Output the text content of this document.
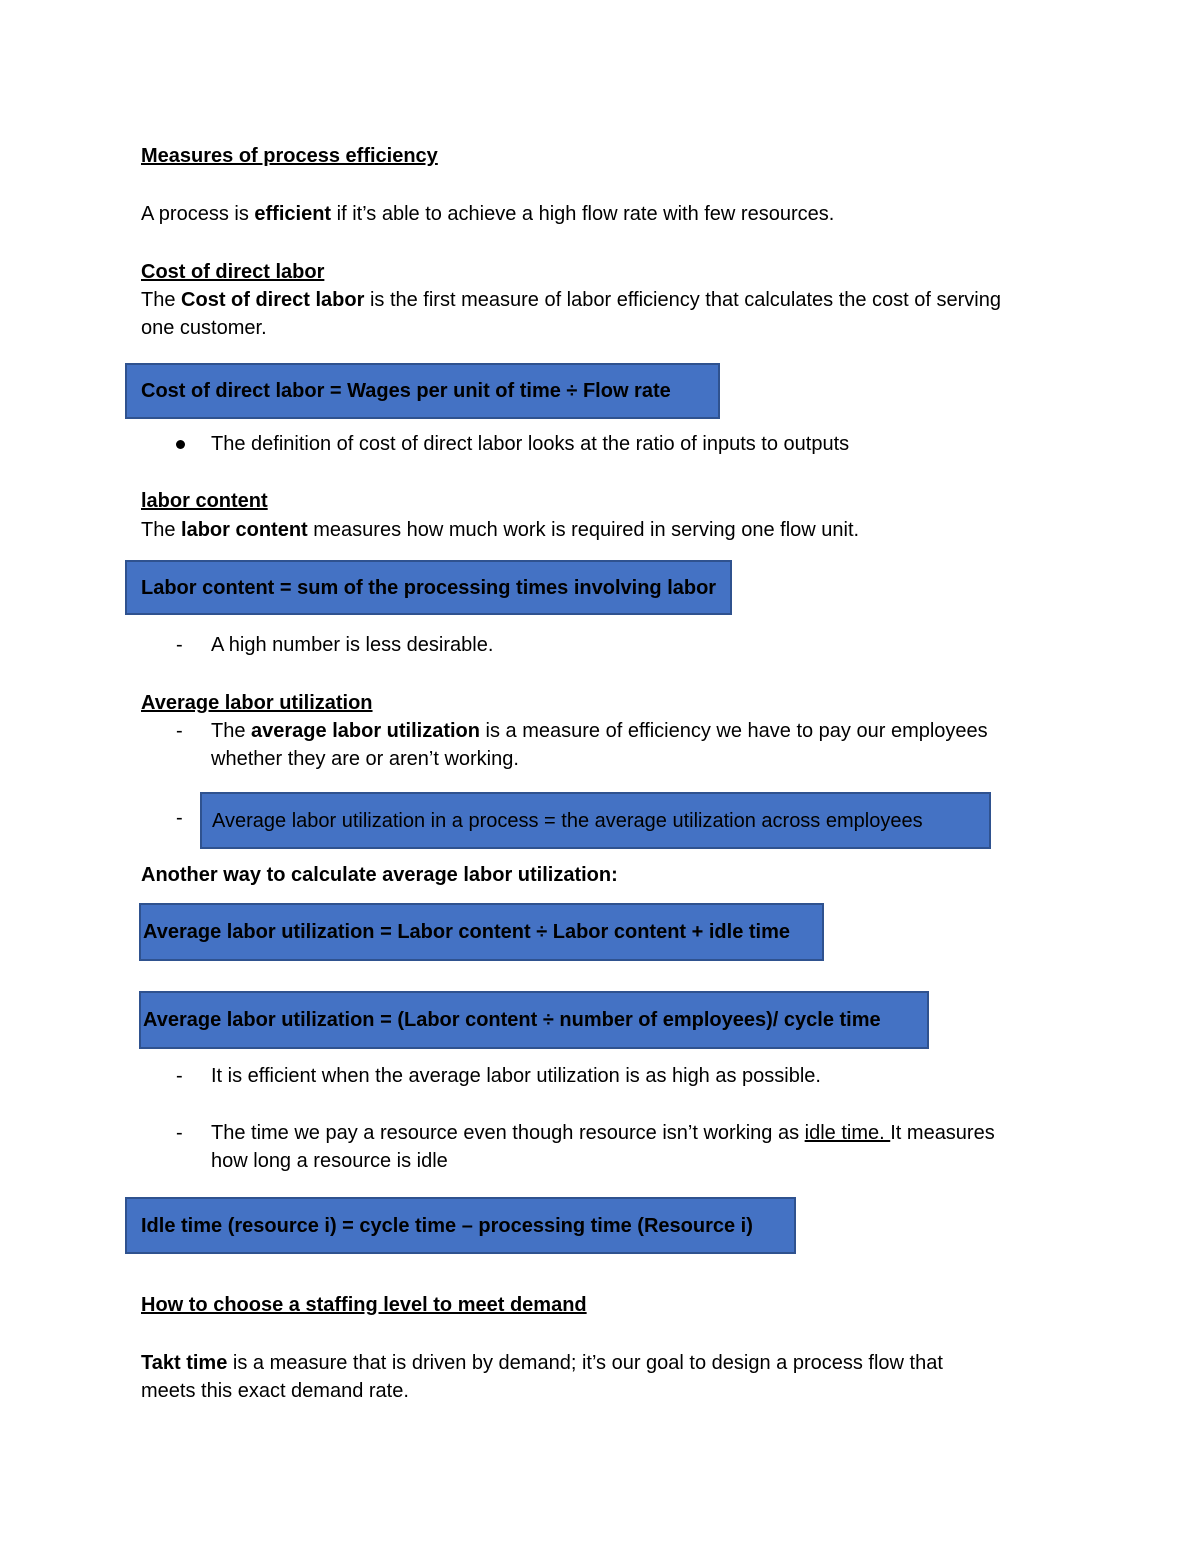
Measures of process efficiency
A process is efficient if it’s able to achieve a high flow rate with few resources.
Cost of direct labor
The Cost of direct labor is the first measure of labor efficiency that calculates the cost of serving
one customer.
Cost of direct labor = Wages per unit of time ÷ Flow rate
The definition of cost of direct labor looks at the ratio of inputs to outputs
labor content
The labor content measures how much work is required in serving one flow unit.
Labor content = sum of the processing times involving labor
- A high number is less desirable.
Average labor utilization
- The average labor utilization is a measure of efficiency we have to pay our employees
whether they are or aren’t working.
- Average labor utilization in a process = the average utilization across employees
Another way to calculate average labor utilization:
Average labor utilization = Labor content ÷ Labor content + idle time
Average labor utilization = (Labor content ÷ number of employees)/ cycle time
- It is efficient when the average labor utilization is as high as possible.
- The time we pay a resource even though resource isn’t working as idle time. It measures
how long a resource is idle
Idle time (resource i) = cycle time – processing time (Resource i)
How to choose a staffing level to meet demand
Takt time is a measure that is driven by demand; it’s our goal to design a process flow that
meets this exact demand rate.
